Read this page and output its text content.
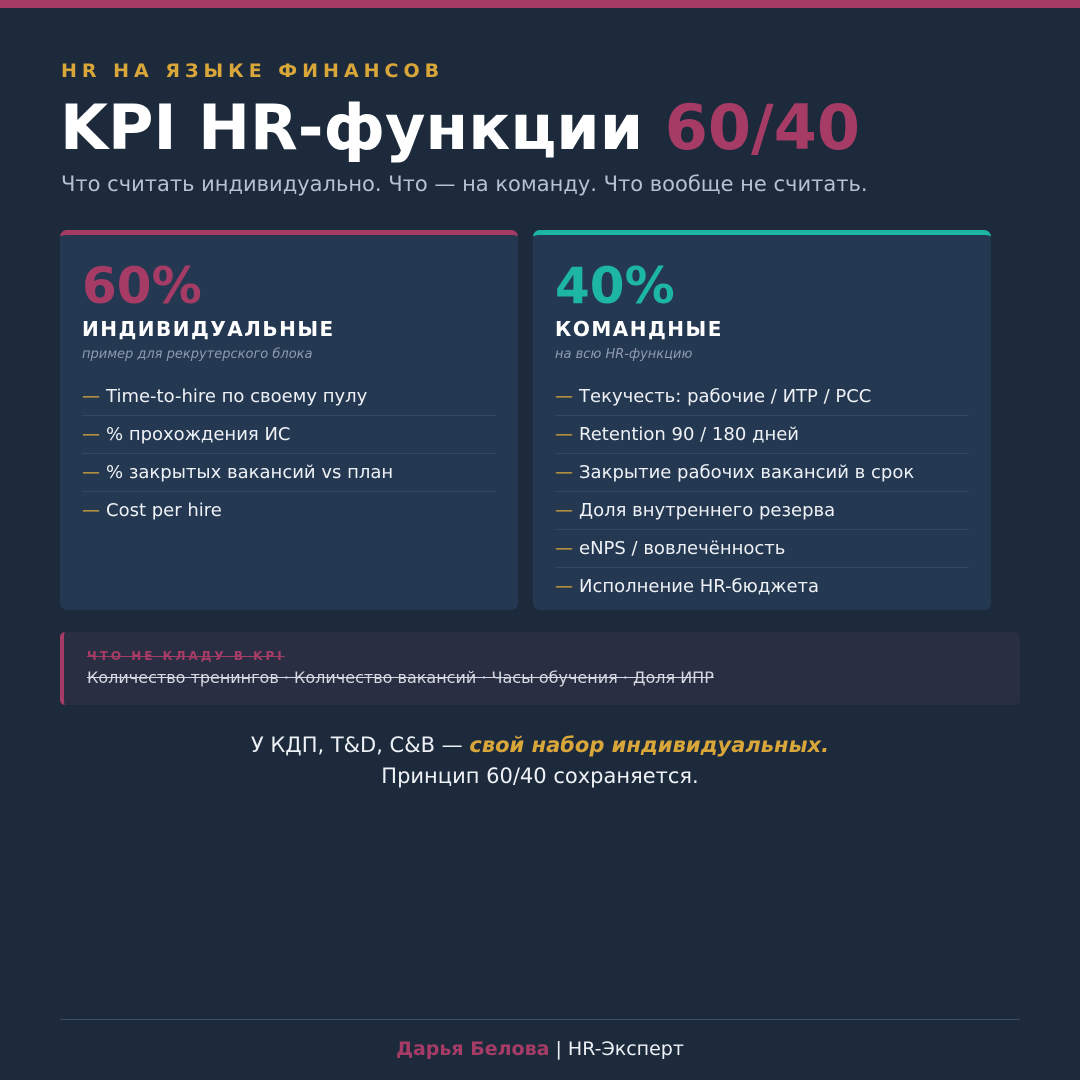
HR НА ЯЗЫКЕ ФИНАНСОВ
KPI HR-функции 60/40
Что считать индивидуально. Что — на команду. Что вообще не считать.
60%
ИНДИВИДУАЛЬНЫЕ
пример для рекрутерского блока
— Time-to-hire по своему пулу
— % прохождения ИС
— % закрытых вакансий vs план
— Cost per hire
40%
КОМАНДНЫЕ
на всю HR-функцию
— Текучесть: рабочие / ИТР / РСС
— Retention 90 / 180 дней
— Закрытие рабочих вакансий в срок
— Доля внутреннего резерва
— eNPS / вовлечённость
— Исполнение HR-бюджета
ЧТО НЕ КЛАДУ В KPI
Количество тренингов · Количество вакансий · Часы обучения · Доля ИПР
У КДП, T&D, C&B — свой набор индивидуальных.
Принцип 60/40 сохраняется.
Дарья Белова | HR-Эксперт
